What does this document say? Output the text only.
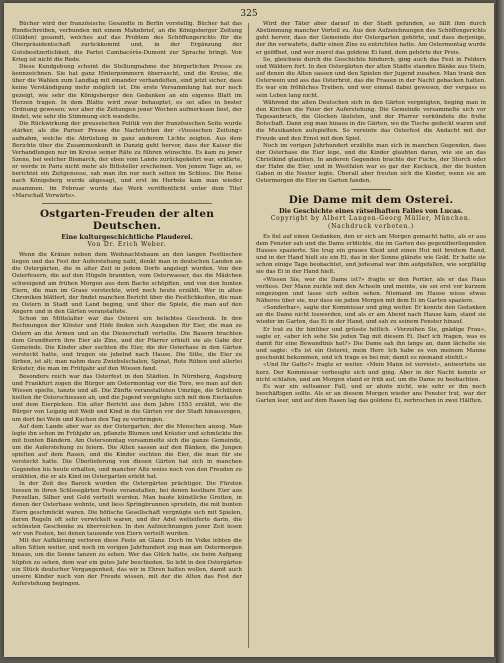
325

Bücher wird der französische Gesandte in Berlin vorstellig. Bücher hat das Rundschreiben, verbunden mit einem Mahnbrief, an die Königsberger Zeitung (Gülden) gesandt, welches auf das Problem des Schöffengerichts für die Oberpräsidentschaft zurückkommt und, in der Ergänzung der Gutsbesitzerlichkeit, die Partei Cambacérès-Dumont zur Sprache bringt. Von Krieg ist nicht die Rede.

Diese Kundgebung scheint die Stellungnahme der bürgerlichen Presse zu kennzeichnen. Sie hat ganz Hinterpommern überrascht, und die Kreise, die über die Wahlen zum Landtag mit einander verhandelten, sind jetzt sicher, dass keine Verständigung mehr möglich ist. Die erste Versammlung hat nur noch gezeigt, wie sehr die Königsberger den Gedanken an ein eigenes Blatt im Herzen tragen. In dem Blatte wird zwar behauptet, es sei alles in bester Ordnung gewesen; wer aber die Zeitungen jener Wochen aufmerksam liest, der findet, wie sehr die Stimmung sich wandelte.

Die Rückwirkung der preussischen Politik von der französischen Seite wurde stärker, als die Pariser Presse die Nachrichten der «Vossischen Zeitung» aufnahm, welche die Abrüstung in ganz anderem Lichte zeigten. Aus dem Berichte über die Zusammenkunft in Danzig geht hervor, dass der Kaiser die Verhandlungen nur im Kreise seiner Räte zu führen wünschte. Es kam zu jener Szene, bei welcher Bismarck, der eben vom Lande zurückgekehrt war, erklärte, er werde in Paris nicht mehr als Bittsteller erscheinen. Von jenem Tage an, so berichtet ein Zeitgenosse, sah man ihn nur noch selten im Schloss. Die Reise nach Königsberg wurde abgesagt, und erst im Herbste kam man wieder zusammen. Im Februar wurde das Werk veröffentlicht unter dem Titel «Marschall Vorwärts».

Ostgarten-Freuden der alten Deutschen.
Eine kulturgeschichtliche Plauderei.
Von Dr. Erich Weber.

Wenn die Kränze neben dem Weihnachtsbaum an den langen Festtischen liegen und das Fest der Auferstehung naht, denkt man in deutschen Landen an die Ostergärten, die in alter Zeit in jedem Dorfe angelegt wurden. Von den Osterfeuern, die auf den Hügeln brannten, vom Osterwasser, das die Mädchen schweigend am frühen Morgen aus dem Bache schöpften, und von den bunten Eiern, die man im Grase versteckte, wird noch heute erzählt. Wer in alten Chroniken blättert, der findet manchen Bericht über die Festlichkeiten, die man zu Ostern in Stadt und Land beging, und über die Spiele, die man auf den Angern und in den Gärten veranstaltete.

Schon im Mittelalter war das Osterei ein beliebtes Geschenk. In den Rechnungen der Klöster und Höfe finden sich Ausgaben für Eier, die man zu Ostern an die Armen und an die Dienerschaft verteilte. Die Bauern brachten dem Grundherrn ihre Eier als Zins, und der Pfarrer erhielt sie als Gabe der Gemeinde. Die Kinder aber suchten die Eier, die der Osterhase in den Gärten versteckt hatte, und trugen sie jubelnd nach Hause. Die Sitte, die Eier zu färben, ist alt; man nahm dazu Zwiebelschalen, Spinat, Rote Rüben und allerlei Kräuter, die man im Frühjahr auf den Wiesen fand.

Besonders reich war das Osterfest in den Städten. In Nürnberg, Augsburg und Frankfurt zogen die Bürger am Ostermontag vor die Tore, wo man auf den Wiesen spielte, tanzte und aß. Die Zünfte veranstalteten Umzüge, die Schützen hielten ihr Osterschiessen ab, und die Jugend vergnügte sich mit dem Eierlaufen und dem Eierpicken. Ein alter Bericht aus dem Jahre 1553 erzählt, wie die Bürger von Leipzig mit Weib und Kind in die Gärten vor der Stadt hinauszogen, um dort bei Wein und Kuchen den Tag zu verbringen.

Auf dem Lande aber war es der Ostergarten, der die Menschen anzog. Man legte ihn schon im Frühjahr an, pflanzte Blumen und Kräuter und schmückte ihn mit bunten Bändern. Am Ostersonntag versammelte sich die ganze Gemeinde, um die Auferstehung zu feiern. Die Alten sassen auf den Bänken, die Jungen spielten auf dem Rasen, und die Kinder suchten die Eier, die man für sie versteckt hatte. Die Überlieferung von diesen Gärten hat sich in manchen Gegenden bis heute erhalten, und mancher Alte weiss noch von den Freuden zu erzählen, die er als Kind im Ostergarten erlebt hat.

In der Zeit des Barock wurden die Ostergärten prächtiger. Die Fürsten liessen in ihren Schlossgärten Feste veranstalten, bei denen kostbare Eier aus Porzellan, Silber und Gold verteilt wurden. Man baute künstliche Grotten, in denen der Osterhase wohnte, und liess Springbrunnen sprudeln, die mit bunten Eiern geschmückt waren. Die höfische Gesellschaft vergnügte sich mit Spielen, deren Regeln oft sehr verwickelt waren, und der Adel wetteiferte darin, die schönsten Geschenke zu überreichen. In den Aufzeichnungen jener Zeit lesen wir von Festen, bei denen tausende von Eiern verteilt wurden.

Mit der Aufklärung verloren diese Feste an Glanz. Doch im Volke lebten die alten Sitten weiter, und noch im vorigen Jahrhundert zog man am Ostermorgen hinaus, um die Sonne tanzen zu sehen. Wer das Glück hatte, sie beim Aufgang hüpfen zu sehen, dem war ein gutes Jahr beschieden. So lebt in den Ostergärten ein Stück deutscher Vergangenheit, das wir in Ehren halten wollen, damit auch unsere Kinder noch von der Freude wissen, mit der die Alten das Fest der Auferstehung begingen.

Wird der Täter aber darauf in der Stadt gefunden, so fällt ihm durch Abstimmung mancher Vorteil zu. Aus den Aufzeichnungen des Schöffengerichts geht hervor, dass der Gemeinde der Ostergarten gehörte, und dass derjenige, der ihn verwahrte, dafür einen Zins zu entrichten hatte. Am Ostermontag wurde er geöffnet, und wer zuerst das goldene Ei fand, dem gehörte der Preis.

So, gleichwie durch die Geschichte hindurch, ging auch das Fest in Feldern und Wäldern fort. In den Ostergärten der alten Städte standen Bänke aus Stein, auf denen die Alten sassen und den Spielen der Jugend zusahen. Man trank den Osterwein und ass das Osterbrot, das die Frauen in der Nacht gebacken hatten. Es war ein fröhliches Treiben, und wer einmal dabei gewesen, der vergass es sein Leben lang nicht.

Während die alten Deutschen sich in den Gärten vergnügten, beging man in den Kirchen die Feier der Auferstehung. Die Gemeinde versammelte sich vor Tagesanbruch, die Glocken läuteten, und der Pfarrer verkündete die frohe Botschaft. Dann zog man hinaus in die Gärten, wo die Tische gedeckt waren und die Musikanten aufspielten. So vereinte das Osterfest die Andacht mit der Freude und den Ernst mit dem Spiel.

Noch im vorigen Jahrhundert erzählte man sich in manchen Gegenden, dass der Osterhase die Eier lege, und die Kinder glaubten daran, wie sie an das Christkind glaubten. In anderen Gegenden brachte der Fuchs, der Storch oder der Hahn die Eier, und in Westfalen war es gar der Kuckuck, der die bunten Gaben in die Nester legte. Überall aber freuten sich die Kinder, wenn sie am Ostermorgen die Eier im Garten fanden.

Die Dame mit dem Osterei.
Die Geschichte eines rätselhaften Falles von Lucas.
Copyright by Albert Langen-Georg Müller, München. (Nachdruck verboten.)

Es fiel auf einen Gedanken, den er sich am Morgen gemacht hatte, als er aus dem Fenster sah und die Dame erblickte, die im Garten des gegenüberliegenden Hauses spazierte. Sie trug ein graues Kleid und einen Hut mit breitem Rand, und in der Hand hielt sie ein Ei, das in der Sonne glänzte wie Gold. Er hatte sie schon einige Tage beobachtet, und jedesmal war ihm aufgefallen, wie sorgfältig sie das Ei in der Hand hielt.

«Wissen Sie, wer die Dame ist?» fragte er den Portier, als er das Haus verliess. Der Mann zuckte mit den Achseln und meinte, sie sei erst vor kurzem eingezogen und lasse sich selten sehen. Niemand im Hause wisse etwas Näheres über sie, nur dass sie jeden Morgen mit dem Ei im Garten spaziere.

«Sonderbar», sagte der Kommissar und ging weiter. Er konnte den Gedanken an die Dame nicht loswerden, und als er am Abend nach Hause kam, stand sie wieder im Garten, das Ei in der Hand, und sah zu seinem Fenster hinauf.

Er trat zu ihr hinüber und grüsste höflich. «Verzeihen Sie, gnädige Frau», sagte er, «aber ich sehe Sie jeden Tag mit diesem Ei. Darf ich fragen, was es damit für eine Bewandtnis hat?» Die Dame sah ihn lange an, dann lächelte sie und sagte: «Es ist ein Osterei, mein Herr. Ich habe es von meinem Manne geschenkt bekommen, und ich trage es bei mir, damit es niemand stiehlt.»

«Und Ihr Gatte?» fragte er weiter. «Mein Mann ist verreist», antwortete sie kurz. Der Kommissar verbeugte sich und ging. Aber in der Nacht konnte er nicht schlafen, und am Morgen stand er früh auf, um die Dame zu beobachten.

Es war ein seltsamer Fall, und er ahnte nicht, wie sehr er ihn noch beschäftigen sollte. Als er an diesem Morgen wieder ans Fenster trat, war der Garten leer, und auf dem Rasen lag das goldene Ei, zerbrochen in zwei Hälften.
